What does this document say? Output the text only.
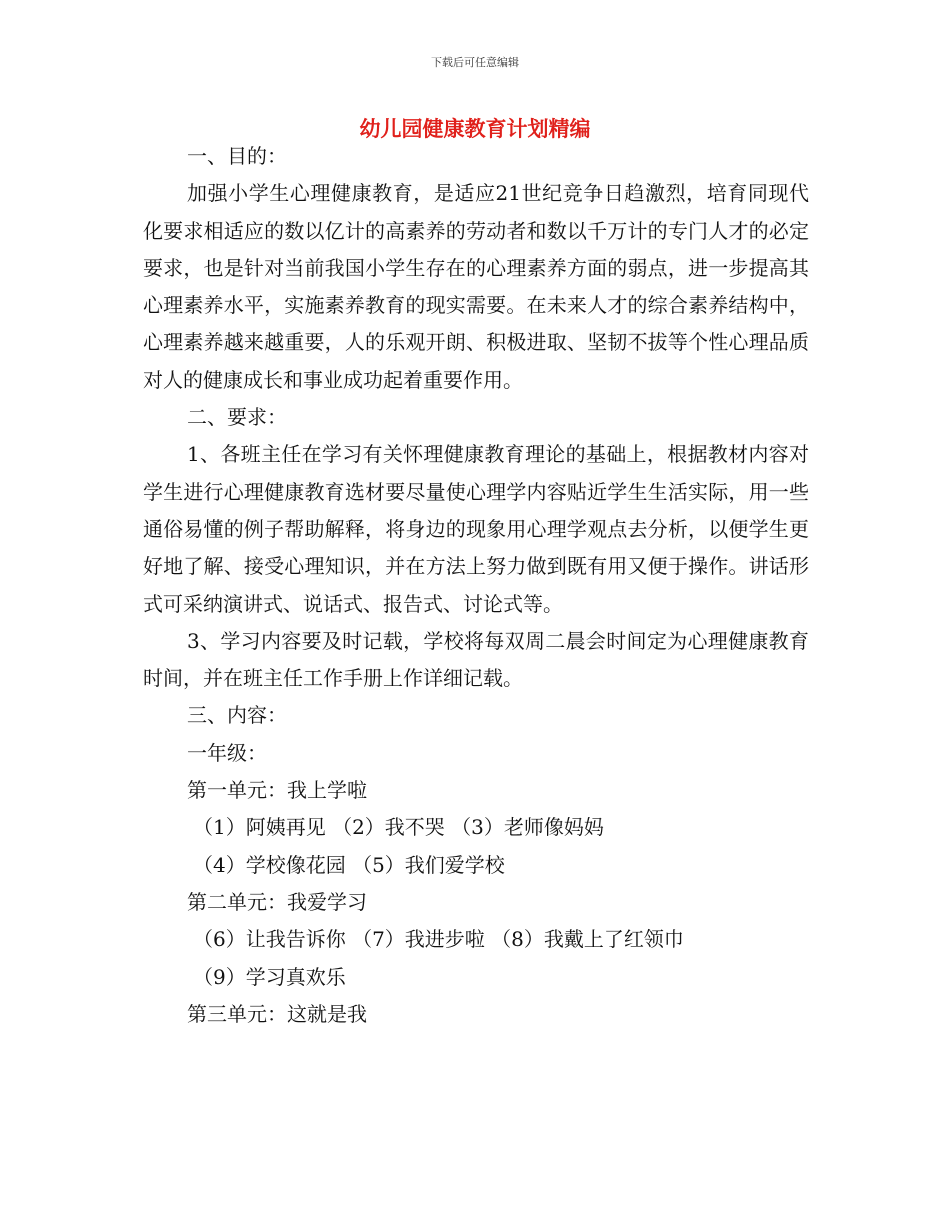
下载后可任意编辑
幼儿园健康教育计划精编

一、目的：

加强小学生心理健康教育，是适应21世纪竞争日趋激烈，培育同现代化要求相适应的数以亿计的高素养的劳动者和数以千万计的专门人才的必定要求，也是针对当前我国小学生存在的心理素养方面的弱点，进一步提高其心理素养水平，实施素养教育的现实需要。在未来人才的综合素养结构中，心理素养越来越重要，人的乐观开朗、积极进取、坚韧不拔等个性心理品质对人的健康成长和事业成功起着重要作用。

二、要求：

1、各班主任在学习有关怀理健康教育理论的基础上，根据教材内容对学生进行心理健康教育选材要尽量使心理学内容贴近学生生活实际，用一些通俗易懂的例子帮助解释，将身边的现象用心理学观点去分析，以便学生更好地了解、接受心理知识，并在方法上努力做到既有用又便于操作。讲话形式可采纳演讲式、说话式、报告式、讨论式等。

3、学习内容要及时记载，学校将每双周二晨会时间定为心理健康教育时间，并在班主任工作手册上作详细记载。

三、内容：

一年级：

第一单元：我上学啦

（1）阿姨再见 （2）我不哭 （3）老师像妈妈

（4）学校像花园 （5）我们爱学校

第二单元：我爱学习

（6）让我告诉你 （7）我进步啦 （8）我戴上了红领巾

（9）学习真欢乐

第三单元：这就是我
